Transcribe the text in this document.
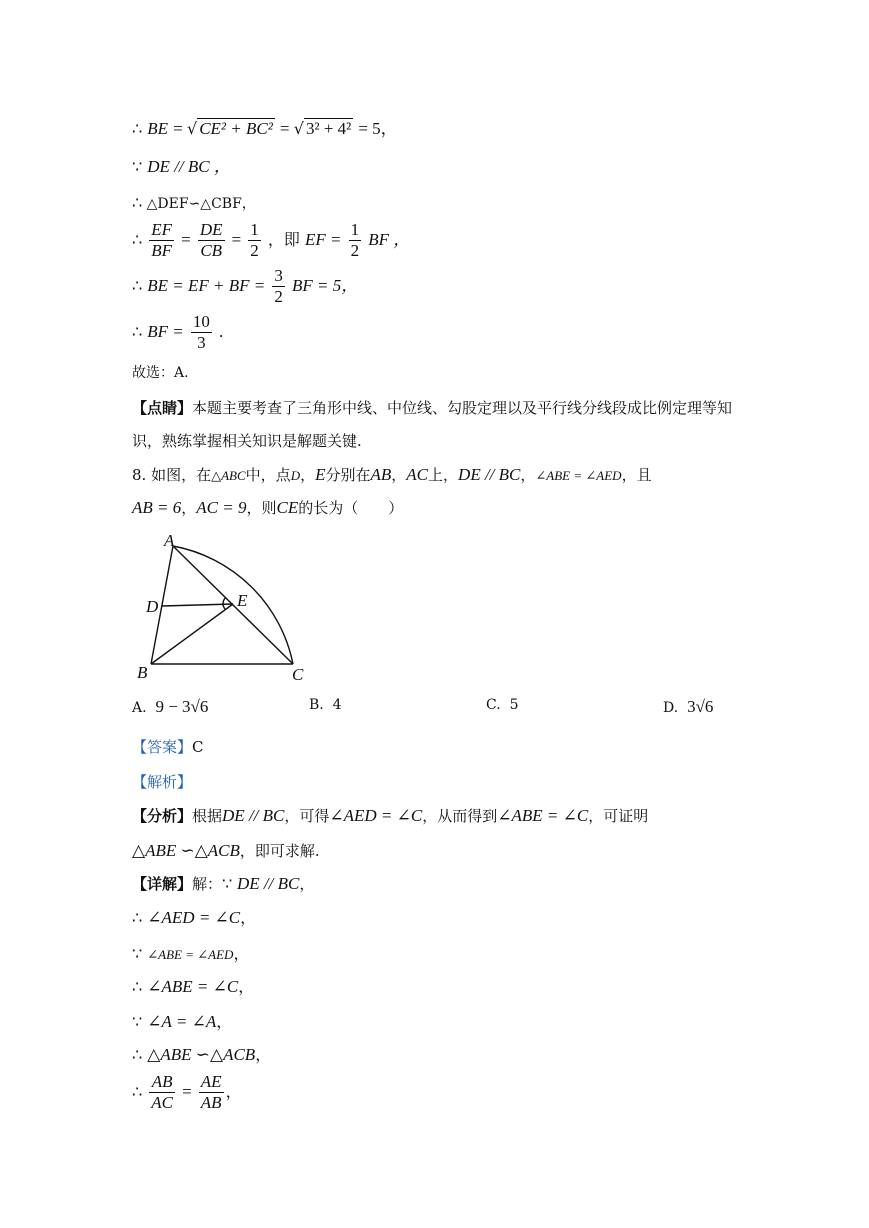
∴ BE = √ CE² + BC² = √ 3² + 4² = 5，
∵ DE // BC ，
∴ △DEF∽△CBF，
∴ $\frac{EF}{BF} = \frac{DE}{CB} = \frac{1}{2}$ ，即 EF = $\frac{1}{2}$ BF ，
∴ BE = EF + BF = $\frac{3}{2}$ BF = 5，
∴ BF = $\frac{10}{3}$ .
故选：A.
【点睛】本题主要考查了三角形中线、中位线、勾股定理以及平行线分线段成比例定理等知
识，熟练掌握相关知识是解题关键.
8. 如图，在△ABC中，点D，E分别在AB，AC上，DE // BC，∠ABE = ∠AED，且
AB = 6，AC = 9，则CE的长为（　　）
A
D	E
B	C
A. 9 − 3√6	B. 4	C. 5	D. 3√6
【答案】C
【解析】
【分析】根据DE // BC，可得∠AED = ∠C，从而得到∠ABE = ∠C，可证明
△ABE ∽△ACB，即可求解.
【详解】解：∵ DE // BC，
∴ ∠AED = ∠C，
∵ ∠ABE = ∠AED，
∴ ∠ABE = ∠C，
∵ ∠A = ∠A，
∴ △ABE ∽△ACB，
∴ $\frac{AB}{AC} = \frac{AE}{AB}$ ，
